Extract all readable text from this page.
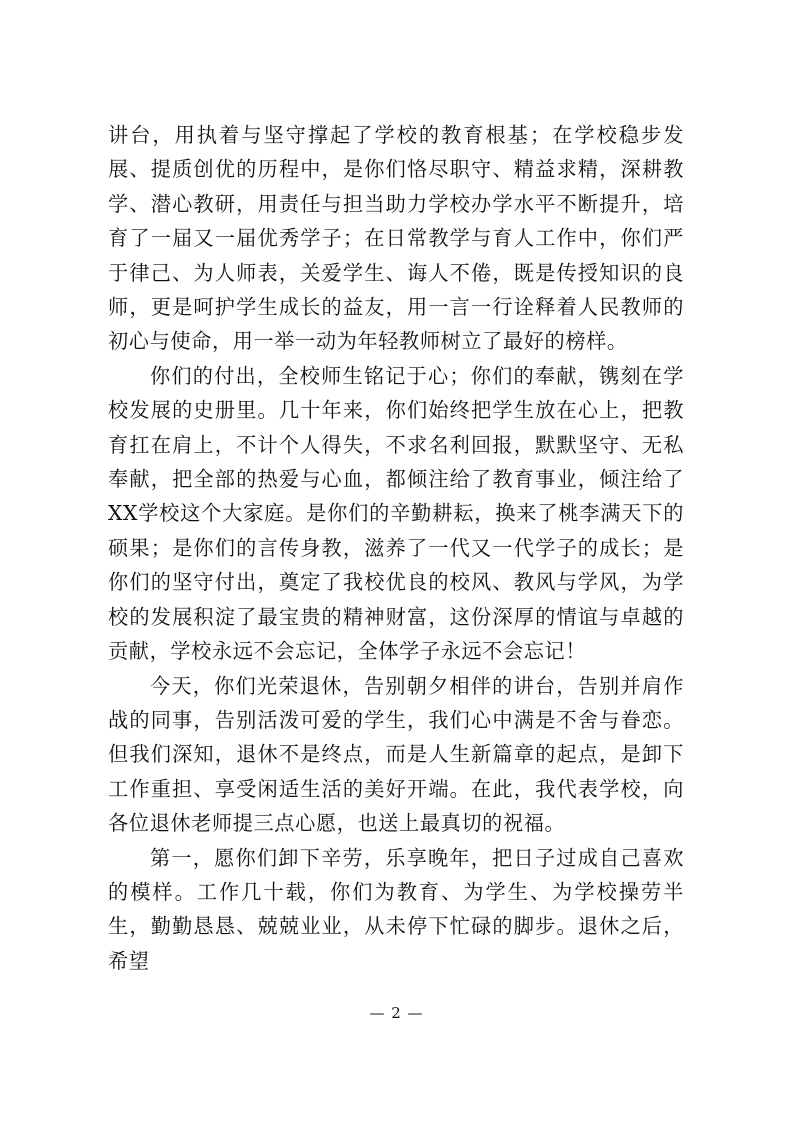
讲台，用执着与坚守撑起了学校的教育根基；在学校稳步发展、提质创优的历程中，是你们恪尽职守、精益求精，深耕教学、潜心教研，用责任与担当助力学校办学水平不断提升，培育了一届又一届优秀学子；在日常教学与育人工作中，你们严于律己、为人师表，关爱学生、诲人不倦，既是传授知识的良师，更是呵护学生成长的益友，用一言一行诠释着人民教师的初心与使命，用一举一动为年轻教师树立了最好的榜样。

你们的付出，全校师生铭记于心；你们的奉献，镌刻在学校发展的史册里。几十年来，你们始终把学生放在心上，把教育扛在肩上，不计个人得失，不求名利回报，默默坚守、无私奉献，把全部的热爱与心血，都倾注给了教育事业，倾注给了XX学校这个大家庭。是你们的辛勤耕耘，换来了桃李满天下的硕果；是你们的言传身教，滋养了一代又一代学子的成长；是你们的坚守付出，奠定了我校优良的校风、教风与学风，为学校的发展积淀了最宝贵的精神财富，这份深厚的情谊与卓越的贡献，学校永远不会忘记，全体学子永远不会忘记！

今天，你们光荣退休，告别朝夕相伴的讲台，告别并肩作战的同事，告别活泼可爱的学生，我们心中满是不舍与眷恋。但我们深知，退休不是终点，而是人生新篇章的起点，是卸下工作重担、享受闲适生活的美好开端。在此，我代表学校，向各位退休老师提三点心愿，也送上最真切的祝福。

第一，愿你们卸下辛劳，乐享晚年，把日子过成自己喜欢的模样。工作几十载，你们为教育、为学生、为学校操劳半生，勤勤恳恳、兢兢业业，从未停下忙碌的脚步。退休之后，希望

— 2 —
